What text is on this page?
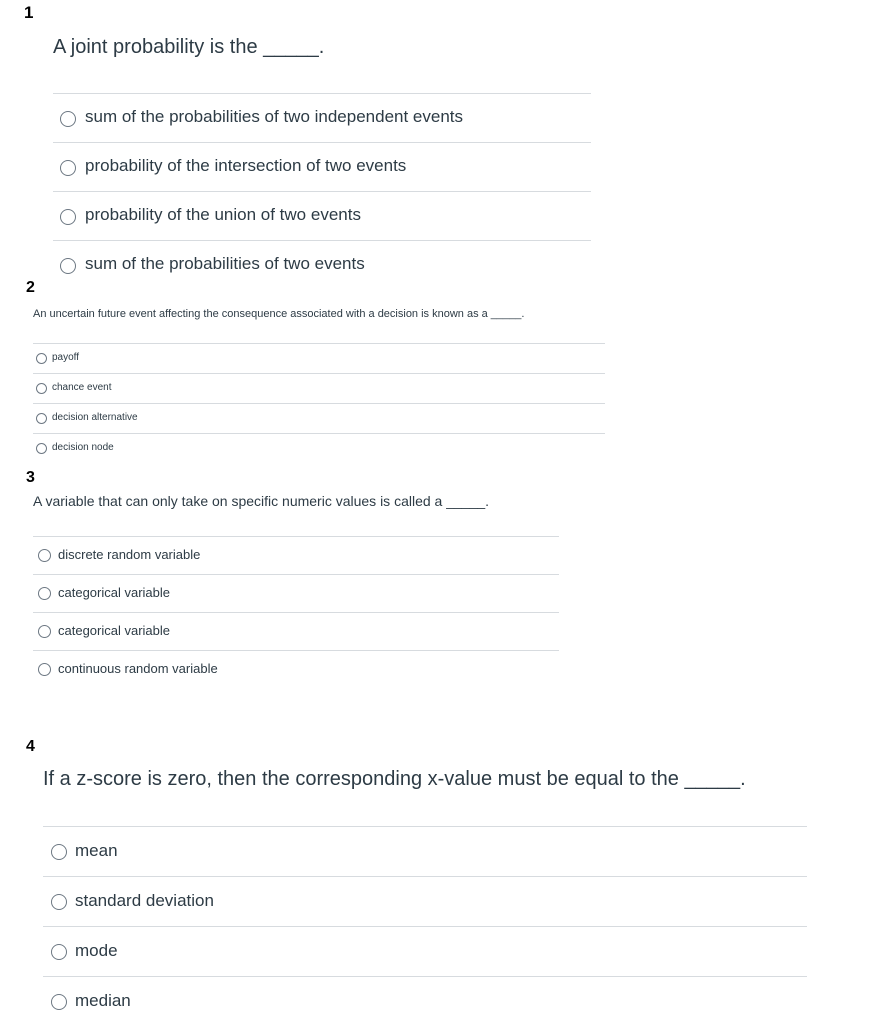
1
A joint probability is the _____.
sum of the probabilities of two independent events
probability of the intersection of two events
probability of the union of two events
sum of the probabilities of two events
2
An uncertain future event affecting the consequence associated with a decision is known as a _____.
payoff
chance event
decision alternative
decision node
3
A variable that can only take on specific numeric values is called a _____.
discrete random variable
categorical variable
categorical variable
continuous random variable
4
If a z-score is zero, then the corresponding x-value must be equal to the _____.
mean
standard deviation
mode
median
